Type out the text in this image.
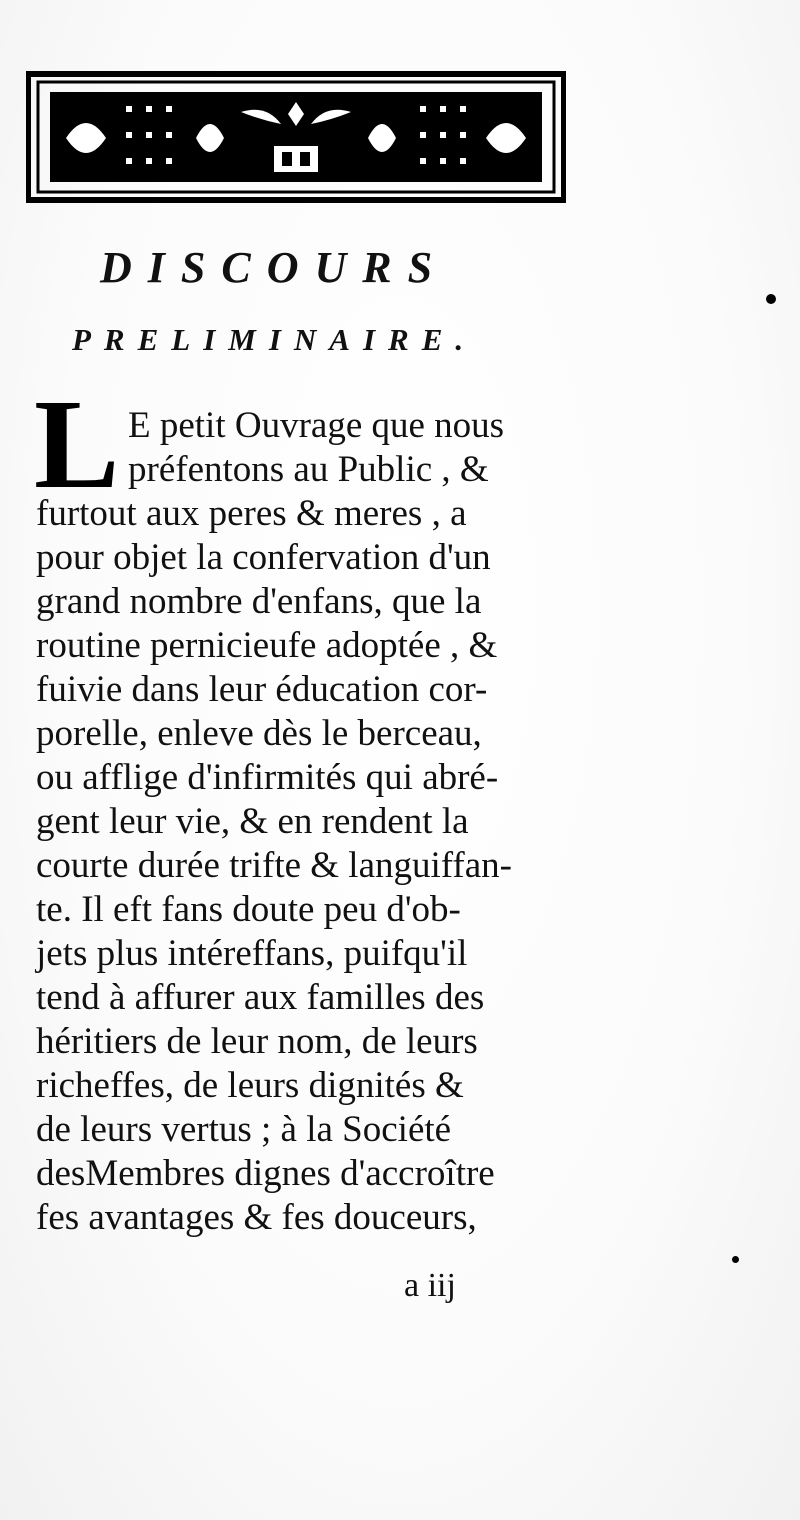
DISCOURS
PRELIMINAIRE.
L E petit Ouvrage que nous
préfentons au Public , &
furtout aux peres & meres , a
pour objet la confervation d'un
grand nombre d'enfans, que la
routine pernicieufe adoptée , &
fuivie dans leur éducation cor-
porelle, enleve dès le berceau,
ou afflige d'infirmités qui abré-
gent leur vie, & en rendent la
courte durée trifte & languiffan-
te. Il eft fans doute peu d'ob-
jets plus intéreffans, puifqu'il
tend à affurer aux familles des
héritiers de leur nom, de leurs
richeffes, de leurs dignités &
de leurs vertus ; à la Société
desMembres dignes d'accroître
fes avantages & fes douceurs,
a iij
